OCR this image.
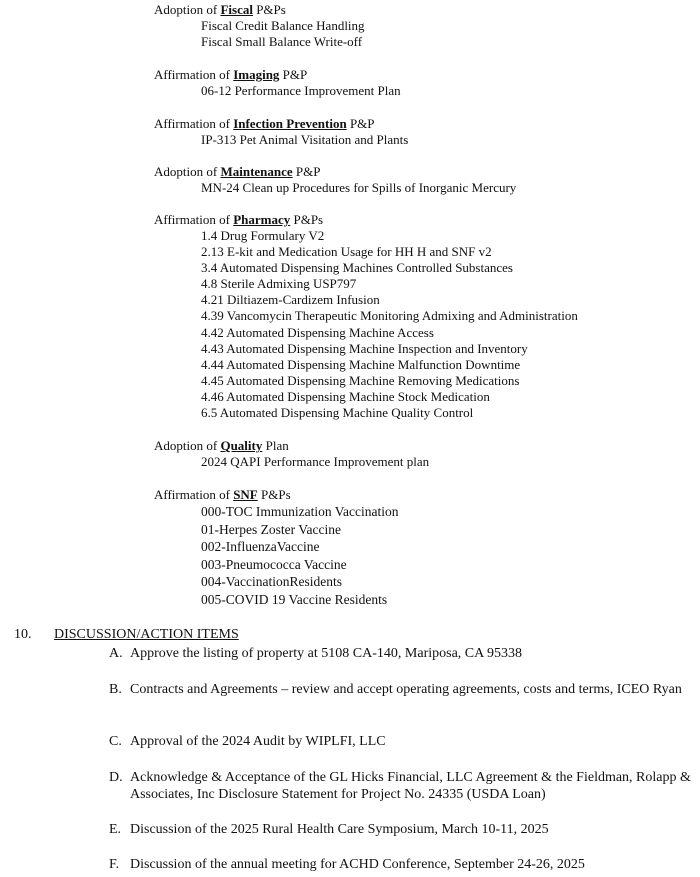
Adoption of Fiscal P&Ps
Fiscal Credit Balance Handling
Fiscal Small Balance Write-off
Affirmation of Imaging P&P
06-12 Performance Improvement Plan
Affirmation of Infection Prevention P&P
IP-313 Pet Animal Visitation and Plants
Adoption of Maintenance P&P
MN-24 Clean up Procedures for Spills of Inorganic Mercury
Affirmation of Pharmacy P&Ps
1.4 Drug Formulary V2
2.13 E-kit and Medication Usage for HH H and SNF v2
3.4 Automated Dispensing Machines Controlled Substances
4.8 Sterile Admixing USP797
4.21 Diltiazem-Cardizem Infusion
4.39 Vancomycin Therapeutic Monitoring Admixing and Administration
4.42 Automated Dispensing Machine Access
4.43 Automated Dispensing Machine Inspection and Inventory
4.44 Automated Dispensing Machine Malfunction Downtime
4.45 Automated Dispensing Machine Removing Medications
4.46 Automated Dispensing Machine Stock Medication
6.5 Automated Dispensing Machine Quality Control
Adoption of Quality Plan
2024 QAPI Performance Improvement plan
Affirmation of SNF P&Ps
000-TOC Immunization Vaccination
01-Herpes Zoster Vaccine
002-InfluenzaVaccine
003-Pneumococca Vaccine
004-VaccinationResidents
005-COVID 19 Vaccine Residents
10. DISCUSSION/ACTION ITEMS
A. Approve the listing of property at 5108 CA-140, Mariposa, CA 95338
B. Contracts and Agreements – review and accept operating agreements, costs and terms, ICEO Ryan
C. Approval of the 2024 Audit by WIPLFI, LLC
D. Acknowledge & Acceptance of the GL Hicks Financial, LLC Agreement & the Fieldman, Rolapp & Associates, Inc Disclosure Statement for Project No. 24335 (USDA Loan)
E. Discussion of the 2025 Rural Health Care Symposium, March 10-11, 2025
F. Discussion of the annual meeting for ACHD Conference, September 24-26, 2025
